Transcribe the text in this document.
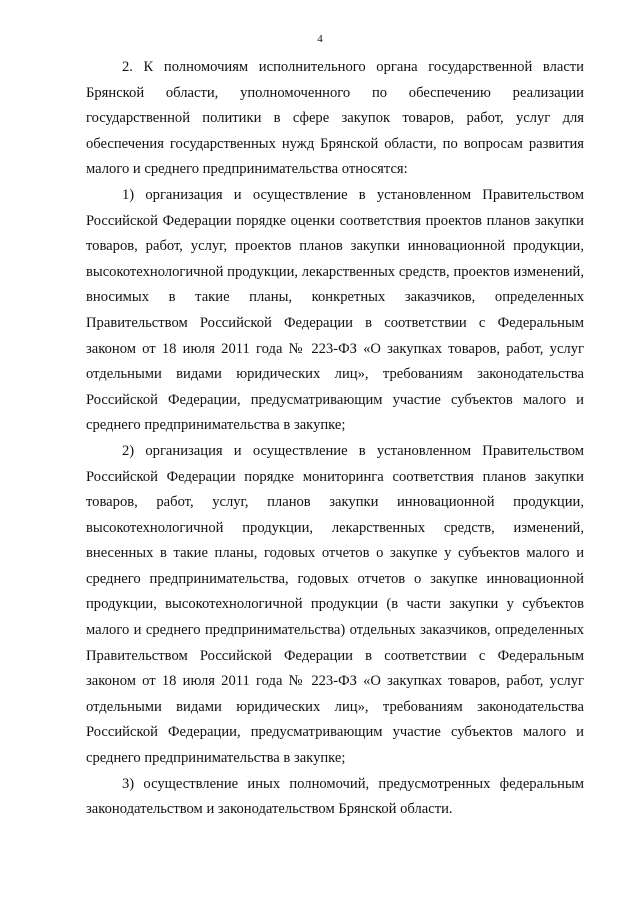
4

2. К полномочиям исполнительного органа государственной власти Брянской области, уполномоченного по обеспечению реализации государственной политики в сфере закупок товаров, работ, услуг для обеспечения государственных нужд Брянской области, по вопросам развития малого и среднего предпринимательства относятся:

1) организация и осуществление в установленном Правительством Российской Федерации порядке оценки соответствия проектов планов закупки товаров, работ, услуг, проектов планов закупки инновационной продукции, высокотехнологичной продукции, лекарственных средств, проектов изменений, вносимых в такие планы, конкретных заказчиков, определенных Правительством Российской Федерации в соответствии с Федеральным законом от 18 июля 2011 года № 223-ФЗ «О закупках товаров, работ, услуг отдельными видами юридических лиц», требованиям законодательства Российской Федерации, предусматривающим участие субъектов малого и среднего предпринимательства в закупке;

2) организация и осуществление в установленном Правительством Российской Федерации порядке мониторинга соответствия планов закупки товаров, работ, услуг, планов закупки инновационной продукции, высокотехнологичной продукции, лекарственных средств, изменений, внесенных в такие планы, годовых отчетов о закупке у субъектов малого и среднего предпринимательства, годовых отчетов о закупке инновационной продукции, высокотехнологичной продукции (в части закупки у субъектов малого и среднего предпринимательства) отдельных заказчиков, определенных Правительством Российской Федерации в соответствии с Федеральным законом от 18 июля 2011 года № 223-ФЗ «О закупках товаров, работ, услуг отдельными видами юридических лиц», требованиям законодательства Российской Федерации, предусматривающим участие субъектов малого и среднего предпринимательства в закупке;

3) осуществление иных полномочий, предусмотренных федеральным законодательством и законодательством Брянской области.
